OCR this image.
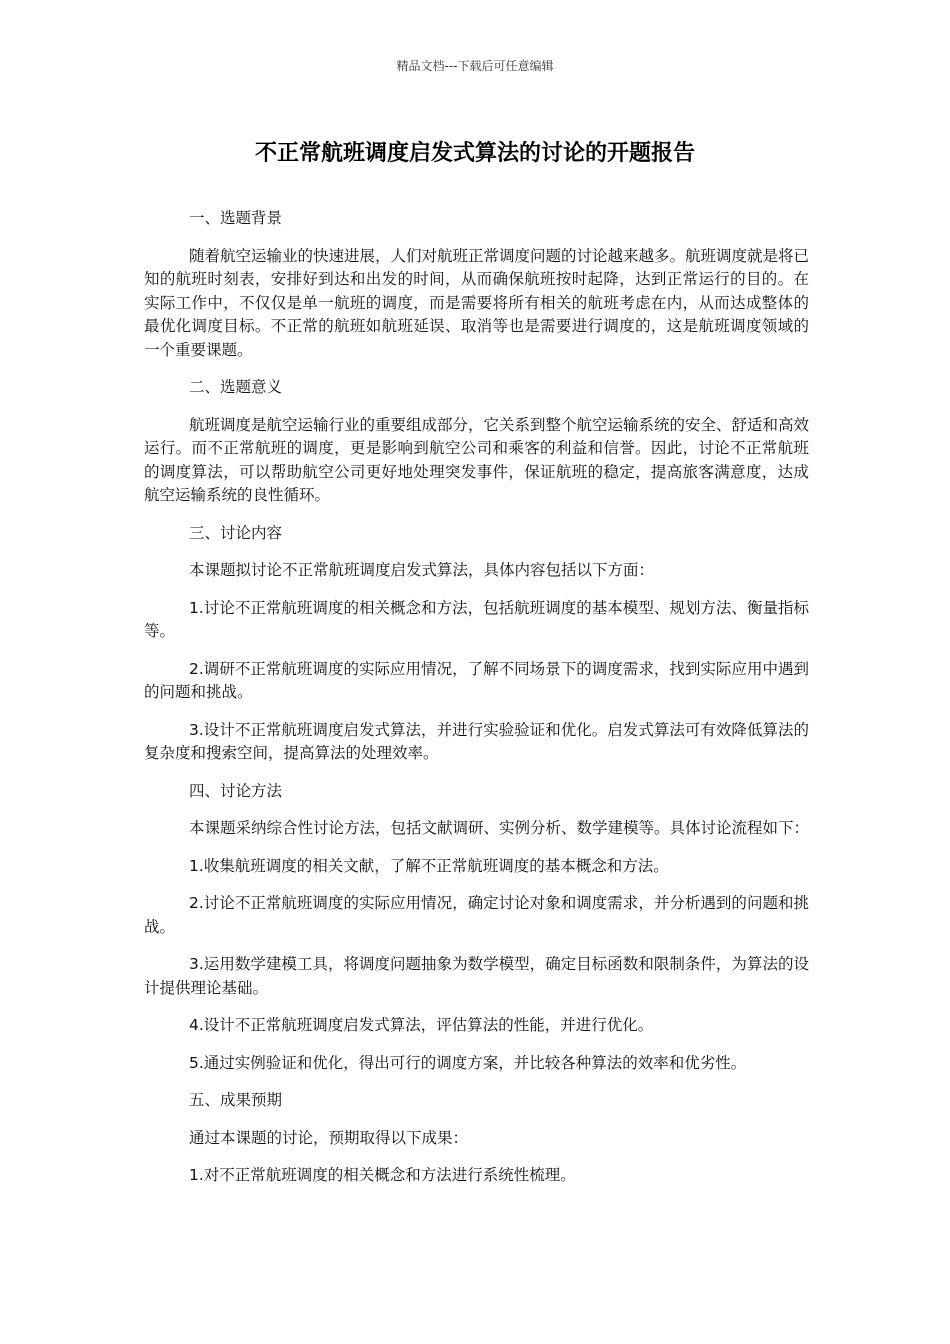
精品文档---下载后可任意编辑
不正常航班调度启发式算法的讨论的开题报告

一、选题背景

随着航空运输业的快速进展，人们对航班正常调度问题的讨论越来越多。航班调度就是将已知的航班时刻表，安排好到达和出发的时间，从而确保航班按时起降，达到正常运行的目的。在实际工作中，不仅仅是单一航班的调度，而是需要将所有相关的航班考虑在内，从而达成整体的最优化调度目标。不正常的航班如航班延误、取消等也是需要进行调度的，这是航班调度领域的一个重要课题。

二、选题意义

航班调度是航空运输行业的重要组成部分，它关系到整个航空运输系统的安全、舒适和高效运行。而不正常航班的调度，更是影响到航空公司和乘客的利益和信誉。因此，讨论不正常航班的调度算法，可以帮助航空公司更好地处理突发事件，保证航班的稳定，提高旅客满意度，达成航空运输系统的良性循环。

三、讨论内容

本课题拟讨论不正常航班调度启发式算法，具体内容包括以下方面：

1.讨论不正常航班调度的相关概念和方法，包括航班调度的基本模型、规划方法、衡量指标等。

2.调研不正常航班调度的实际应用情况，了解不同场景下的调度需求，找到实际应用中遇到的问题和挑战。

3.设计不正常航班调度启发式算法，并进行实验验证和优化。启发式算法可有效降低算法的复杂度和搜索空间，提高算法的处理效率。

四、讨论方法

本课题采纳综合性讨论方法，包括文献调研、实例分析、数学建模等。具体讨论流程如下：

1.收集航班调度的相关文献，了解不正常航班调度的基本概念和方法。

2.讨论不正常航班调度的实际应用情况，确定讨论对象和调度需求，并分析遇到的问题和挑战。

3.运用数学建模工具，将调度问题抽象为数学模型，确定目标函数和限制条件，为算法的设计提供理论基础。

4.设计不正常航班调度启发式算法，评估算法的性能，并进行优化。

5.通过实例验证和优化，得出可行的调度方案，并比较各种算法的效率和优劣性。

五、成果预期

通过本课题的讨论，预期取得以下成果：

1.对不正常航班调度的相关概念和方法进行系统性梳理。
